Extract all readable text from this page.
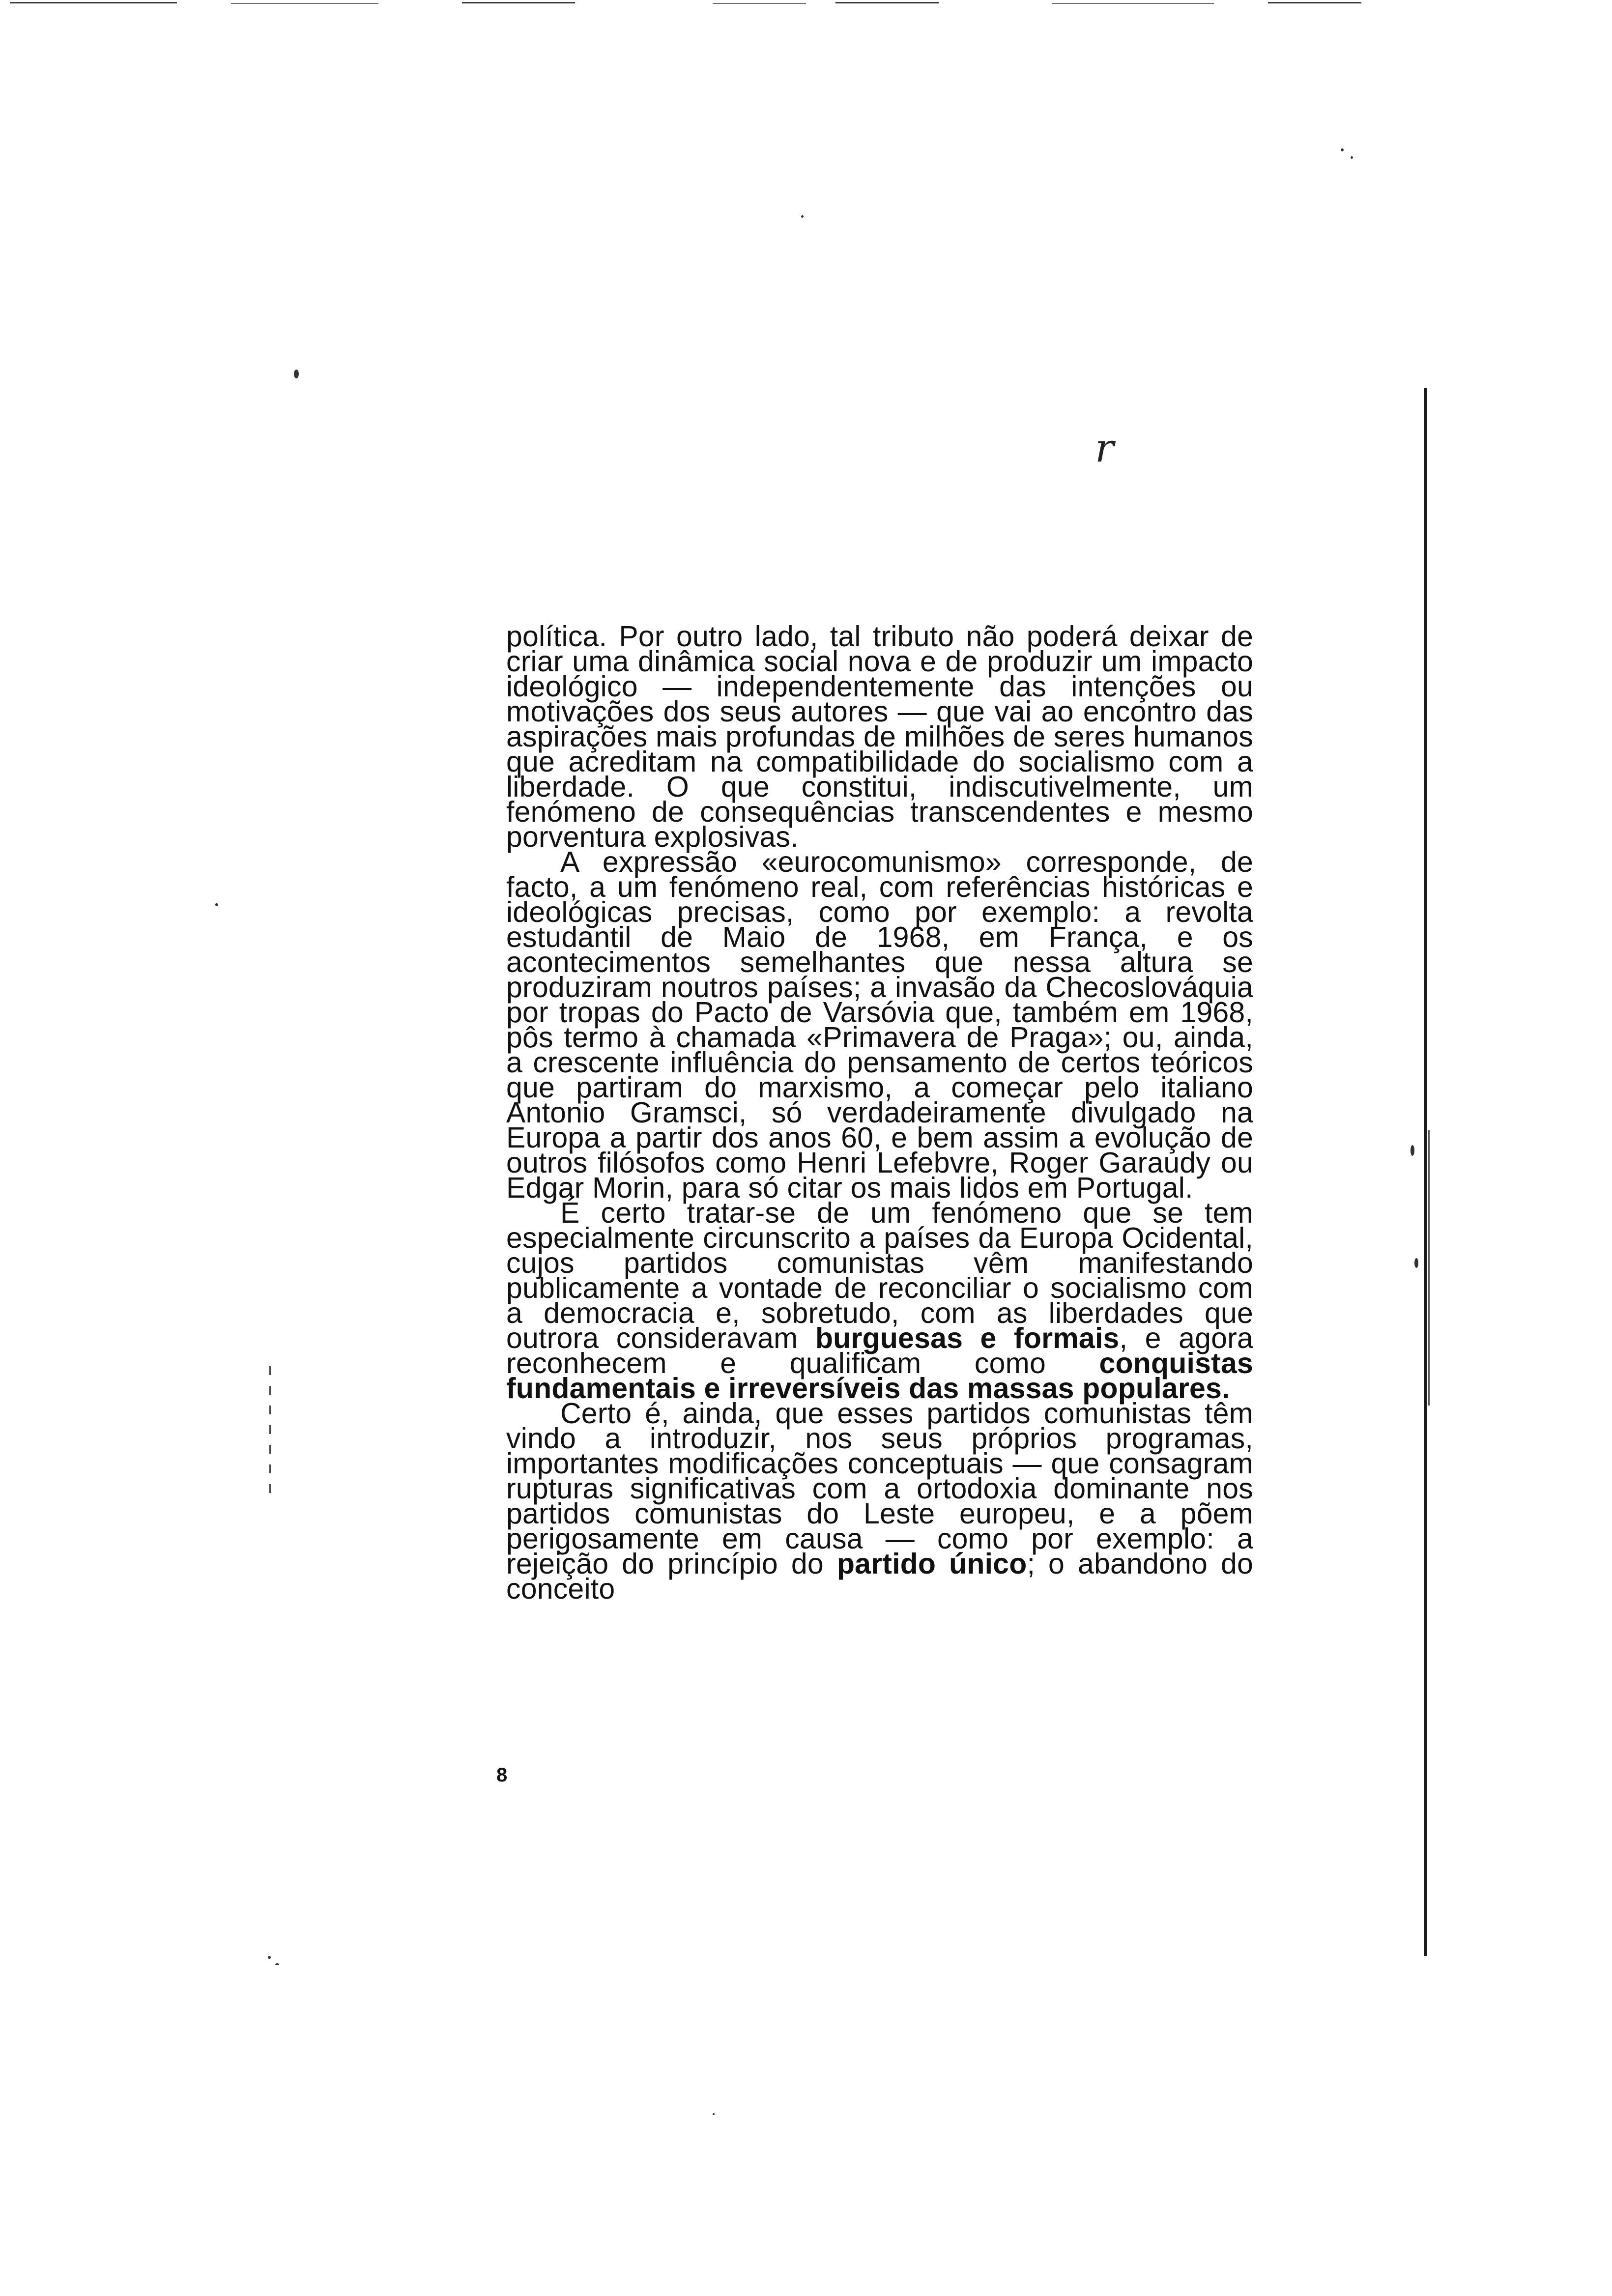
r

política. Por outro lado, tal tributo não poderá deixar de criar uma dinâmica social nova e de produzir um impacto ideológico — independentemente das intenções ou motivações dos seus autores — que vai ao encontro das aspirações mais profundas de milhões de seres humanos que acreditam na compatibilidade do socialismo com a liberdade. O que constitui, indiscutivelmente, um fenómeno de consequências transcendentes e mesmo porventura explosivas.

A expressão «eurocomunismo» corresponde, de facto, a um fenómeno real, com referências históricas e ideológicas precisas, como por exemplo: a revolta estudantil de Maio de 1968, em França, e os acontecimentos semelhantes que nessa altura se produziram noutros países; a invasão da Checoslováquia por tropas do Pacto de Varsóvia que, também em 1968, pôs termo à chamada «Primavera de Praga»; ou, ainda, a crescente influência do pensamento de certos teóricos que partiram do marxismo, a começar pelo italiano Antonio Gramsci, só verdadeiramente divulgado na Europa a partir dos anos 60, e bem assim a evolução de outros filósofos como Henri Lefebvre, Roger Garaudy ou Edgar Morin, para só citar os mais lidos em Portugal.

É certo tratar-se de um fenómeno que se tem especialmente circunscrito a países da Europa Ocidental, cujos partidos comunistas vêm manifestando publicamente a vontade de reconciliar o socialismo com a democracia e, sobretudo, com as liberdades que outrora consideravam burguesas e formais, e agora reconhecem e qualificam como conquistas fundamentais e irreversíveis das massas populares.

Certo é, ainda, que esses partidos comunistas têm vindo a introduzir, nos seus próprios programas, importantes modificações conceptuais — que consagram rupturas significativas com a ortodoxia dominante nos partidos comunistas do Leste europeu, e a põem perigosamente em causa — como por exemplo: a rejeição do princípio do partido único; o abandono do conceito

8
